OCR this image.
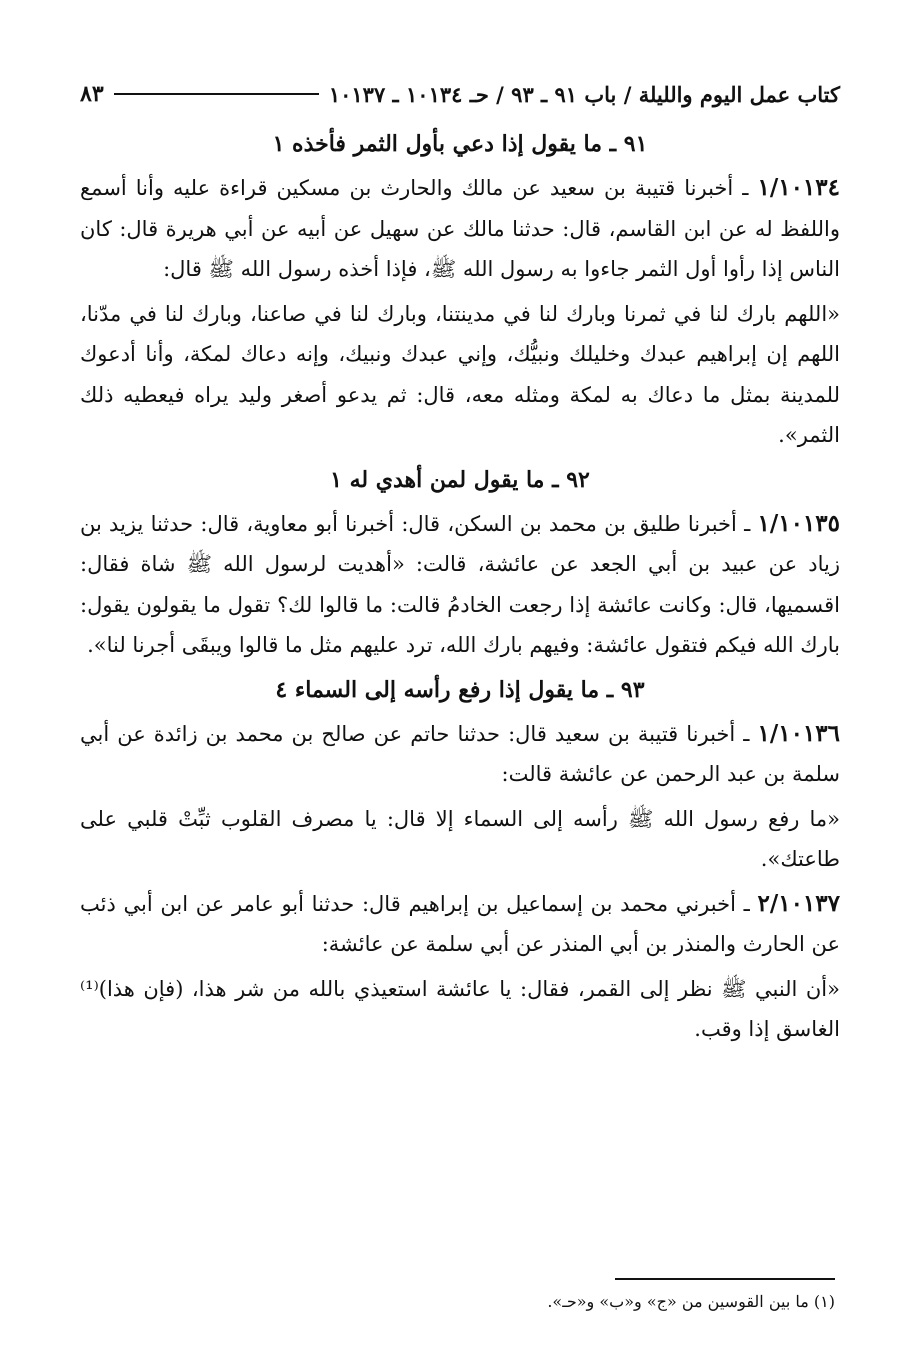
كتاب عمل اليوم والليلة / باب ٩١ ـ ٩٣ / حـ ١٠١٣٤ ـ ١٠١٣٧
٨٣
٩١ ـ ما يقول إذا دعي بأول الثمر فأخذه ١

١/١٠١٣٤ ـ أخبرنا قتيبة بن سعيد عن مالك والحارث بن مسكين قراءة عليه وأنا أسمع واللفظ له عن ابن القاسم، قال: حدثنا مالك عن سهيل عن أبيه عن أبي هريرة قال: كان الناس إذا رأوا أول الثمر جاءوا به رسول الله ﷺ، فإذا أخذه رسول الله ﷺ قال:

«اللهم بارك لنا في ثمرنا وبارك لنا في مدينتنا، وبارك لنا في صاعنا، وبارك لنا في مدّنا، اللهم إن إبراهيم عبدك وخليلك ونبيُّك، وإني عبدك ونبيك، وإنه دعاك لمكة، وأنا أدعوك للمدينة بمثل ما دعاك به لمكة ومثله معه، قال: ثم يدعو أصغر وليد يراه فيعطيه ذلك الثمر».

٩٢ ـ ما يقول لمن أهدي له ١

١/١٠١٣٥ ـ أخبرنا طليق بن محمد بن السكن، قال: أخبرنا أبو معاوية، قال: حدثنا يزيد بن زياد عن عبيد بن أبي الجعد عن عائشة، قالت: «أهديت لرسول الله ﷺ شاة فقال: اقسميها، قال: وكانت عائشة إذا رجعت الخادمُ قالت: ما قالوا لك؟ تقول ما يقولون يقول: بارك الله فيكم فتقول عائشة: وفيهم بارك الله، ترد عليهم مثل ما قالوا ويبقَى أجرنا لنا».

٩٣ ـ ما يقول إذا رفع رأسه إلى السماء ٤

١/١٠١٣٦ ـ أخبرنا قتيبة بن سعيد قال: حدثنا حاتم عن صالح بن محمد بن زائدة عن أبي سلمة بن عبد الرحمن عن عائشة قالت:

«ما رفع رسول الله ﷺ رأسه إلى السماء إلا قال: يا مصرف القلوب ثبِّتْ قلبي على طاعتك».

٢/١٠١٣٧ ـ أخبرني محمد بن إسماعيل بن إبراهيم قال: حدثنا أبو عامر عن ابن أبي ذئب عن الحارث والمنذر بن أبي المنذر عن أبي سلمة عن عائشة:

«أن النبي ﷺ نظر إلى القمر، فقال: يا عائشة استعيذي بالله من شر هذا، (فإن هذا)⁽¹⁾ الغاسق إذا وقب.

(١) ما بين القوسين من «ج» و«ب» و«حـ».
